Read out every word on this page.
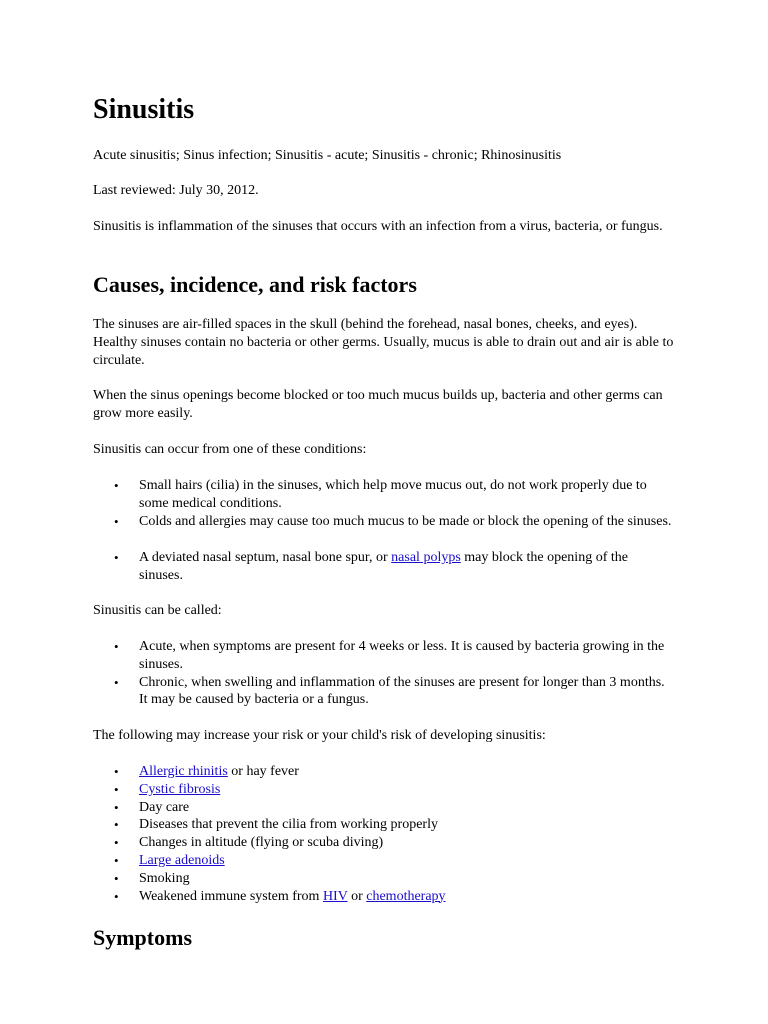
Sinusitis

Acute sinusitis; Sinus infection; Sinusitis - acute; Sinusitis - chronic; Rhinosinusitis

Last reviewed: July 30, 2012.

Sinusitis is inflammation of the sinuses that occurs with an infection from a virus, bacteria, or fungus.

Causes, incidence, and risk factors

The sinuses are air-filled spaces in the skull (behind the forehead, nasal bones, cheeks, and eyes). Healthy sinuses contain no bacteria or other germs. Usually, mucus is able to drain out and air is able to circulate.

When the sinus openings become blocked or too much mucus builds up, bacteria and other germs can grow more easily.

Sinusitis can occur from one of these conditions:

• Small hairs (cilia) in the sinuses, which help move mucus out, do not work properly due to some medical conditions.
• Colds and allergies may cause too much mucus to be made or block the opening of the sinuses.
• A deviated nasal septum, nasal bone spur, or nasal polyps may block the opening of the sinuses.

Sinusitis can be called:

• Acute, when symptoms are present for 4 weeks or less. It is caused by bacteria growing in the sinuses.
• Chronic, when swelling and inflammation of the sinuses are present for longer than 3 months. It may be caused by bacteria or a fungus.

The following may increase your risk or your child's risk of developing sinusitis:

• Allergic rhinitis or hay fever
• Cystic fibrosis
• Day care
• Diseases that prevent the cilia from working properly
• Changes in altitude (flying or scuba diving)
• Large adenoids
• Smoking
• Weakened immune system from HIV or chemotherapy
Symptoms
